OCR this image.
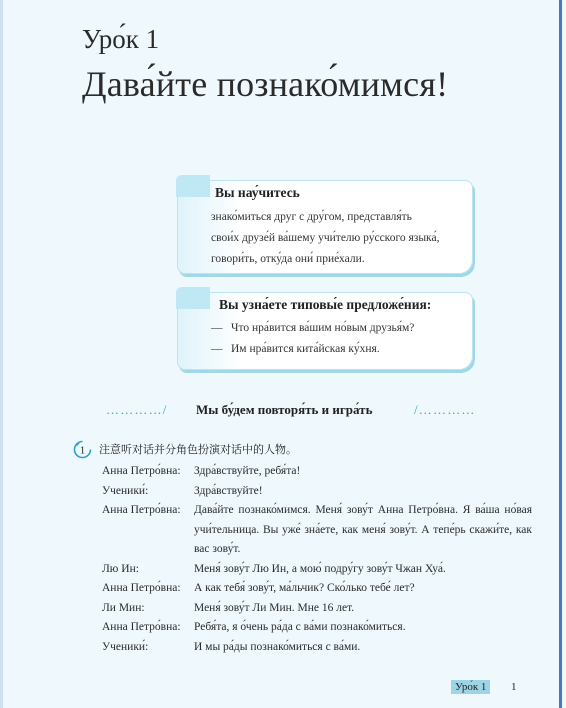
Уро́к 1
Дава́йте познако́мимся!
Вы нау́читесь
знако́миться друг с дру́гом, представля́ть
свои́х друзе́й ва́шему учи́телю ру́сского языка́,
говори́ть, отку́да они́ прие́хали.
Вы узна́ете типовы́е предложе́ния:
— Что нра́вится ва́шим но́вым друзья́м?
— Им нра́вится кита́йская ку́хня.
…………/ Мы бу́дем повторя́ть и игра́ть	/…………
1 注意听对话并分角色扮演对话中的人物。
Анна Петро́вна:	Здра́вствуйте, ребя́та!
Ученики́:	Здра́вствуйте!
Анна Петро́вна:	Дава́йте познако́мимся. Меня́ зову́т Анна Петро́вна. Я ва́ша но́вая учи́тельница. Вы уже́ зна́ете, как меня́ зову́т. А тепе́рь скажи́те, как вас зову́т.
Лю Ин:	Меня́ зову́т Лю Ин, а мою́ подру́гу зову́т Чжан Хуа́.
Анна Петро́вна:	А как тебя́ зову́т, ма́льчик? Ско́лько тебе́ лет?
Ли Мин:	Меня́ зову́т Ли Мин. Мне 16 лет.
Анна Петро́вна:	Ребя́та, я о́чень ра́да с ва́ми познако́миться.
Ученики́:	И мы ра́ды познако́миться с ва́ми.
Уро́к 1	1
